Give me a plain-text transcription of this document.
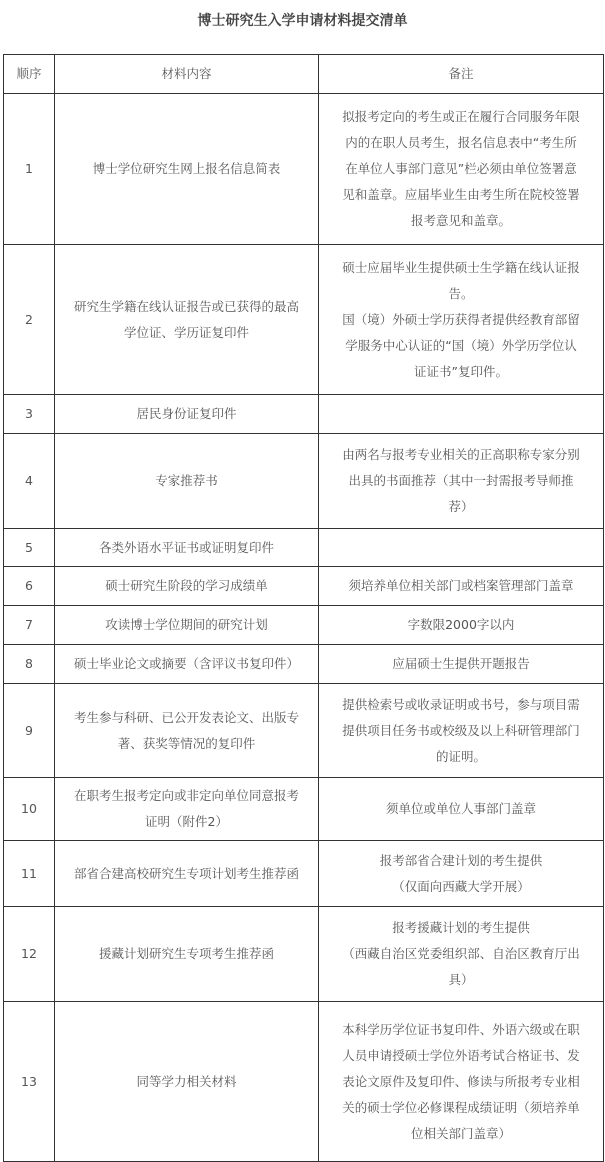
博士研究生入学申请材料提交清单
顺序	材料内容	备注
1	博士学位研究生网上报名信息简表	拟报考定向的考生或正在履行合同服务年限
内的在职人员考生，报名信息表中“考生所
在单位人事部门意见”栏必须由单位签署意
见和盖章。应届毕业生由考生所在院校签署
报考意见和盖章。

2	研究生学籍在线认证报告或已获得的最高
学位证、学历证复印件	硕士应届毕业生提供硕士生学籍在线认证报
告。
国（境）外硕士学历获得者提供经教育部留
学服务中心认证的“国（境）外学历学位认
证证书”复印件。

3	居民身份证复印件	

4	专家推荐书	由两名与报考专业相关的正高职称专家分别
出具的书面推荐（其中一封需报考导师推
荐）

5	各类外语水平证书或证明复印件	

6	硕士研究生阶段的学习成绩单	须培养单位相关部门或档案管理部门盖章

7	攻读博士学位期间的研究计划	字数限2000字以内

8	硕士毕业论文或摘要（含评议书复印件）	应届硕士生提供开题报告

9	考生参与科研、已公开发表论文、出版专
著、获奖等情况的复印件	提供检索号或收录证明或书号，参与项目需
提供项目任务书或校级及以上科研管理部门
的证明。

10	在职考生报考定向或非定向单位同意报考
证明（附件2）	须单位或单位人事部门盖章

11	部省合建高校研究生专项计划考生推荐函	报考部省合建计划的考生提供
（仅面向西藏大学开展）

12	援藏计划研究生专项考生推荐函	报考援藏计划的考生提供
（西藏自治区党委组织部、自治区教育厅出
具）

13	同等学力相关材料	本科学历学位证书复印件、外语六级或在职
人员申请授硕士学位外语考试合格证书、发
表论文原件及复印件、修读与所报考专业相
关的硕士学位必修课程成绩证明（须培养单
位相关部门盖章）
